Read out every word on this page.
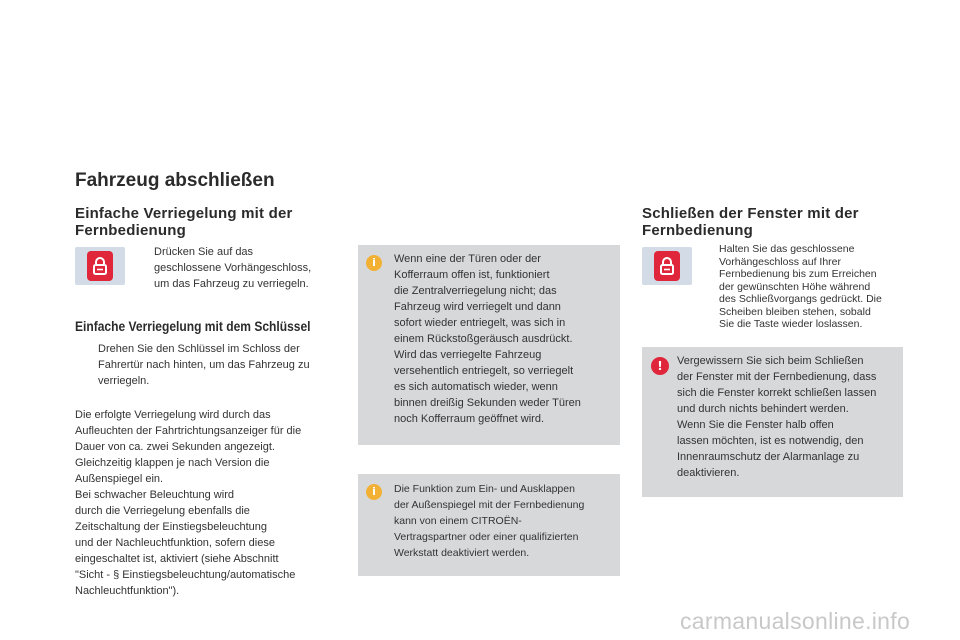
Fahrzeug abschließen
Einfache Verriegelung mit der
Fernbedienung
Drücken Sie auf das
geschlossene Vorhängeschloss,
um das Fahrzeug zu verriegeln.
Einfache Verriegelung mit dem Schlüssel
Drehen Sie den Schlüssel im Schloss der
Fahrertür nach hinten, um das Fahrzeug zu
verriegeln.
Die erfolgte Verriegelung wird durch das
Aufleuchten der Fahrtrichtungsanzeiger für die
Dauer von ca. zwei Sekunden angezeigt.
Gleichzeitig klappen je nach Version die
Außenspiegel ein.
Bei schwacher Beleuchtung wird
durch die Verriegelung ebenfalls die
Zeitschaltung der Einstiegsbeleuchtung
und der Nachleuchtfunktion, sofern diese
eingeschaltet ist, aktiviert (siehe Abschnitt
"Sicht - § Einstiegsbeleuchtung/automatische
Nachleuchtfunktion").
i	Wenn eine der Türen oder der
Kofferraum offen ist, funktioniert
die Zentralverriegelung nicht; das
Fahrzeug wird verriegelt und dann
sofort wieder entriegelt, was sich in
einem Rückstoßgeräusch ausdrückt.
Wird das verriegelte Fahrzeug
versehentlich entriegelt, so verriegelt
es sich automatisch wieder, wenn
binnen dreißig Sekunden weder Türen
noch Kofferraum geöffnet wird.
i	Die Funktion zum Ein- und Ausklappen
der Außenspiegel mit der Fernbedienung
kann von einem CITROËN-
Vertragspartner oder einer qualifizierten
Werkstatt deaktiviert werden.
Schließen der Fenster mit der
Fernbedienung
Halten Sie das geschlossene
Vorhängeschloss auf Ihrer
Fernbedienung bis zum Erreichen
der gewünschten Höhe während
des Schließvorgangs gedrückt. Die
Scheiben bleiben stehen, sobald
Sie die Taste wieder loslassen.
!	Vergewissern Sie sich beim Schließen
der Fenster mit der Fernbedienung, dass
sich die Fenster korrekt schließen lassen
und durch nichts behindert werden.
Wenn Sie die Fenster halb offen
lassen möchten, ist es notwendig, den
Innenraumschutz der Alarmanlage zu
deaktivieren.
carmanualsonline.info
